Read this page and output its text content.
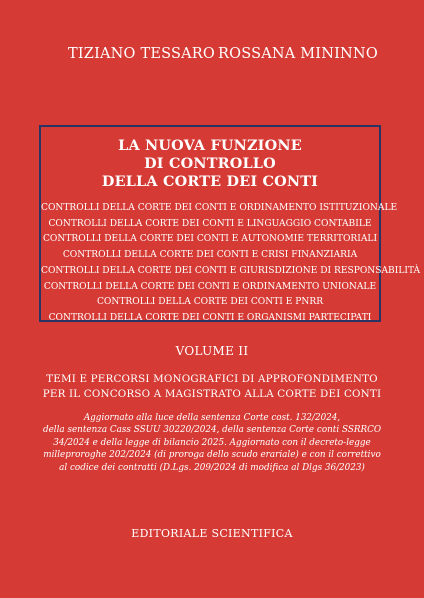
TIZIANO TESSARO ROSSANA MININNO
LA NUOVA FUNZIONE
DI CONTROLLO
DELLA CORTE DEI CONTI
CONTROLLI DELLA CORTE DEI CONTI E ORDINAMENTO ISTITUZIONALE
CONTROLLI DELLA CORTE DEI CONTI E LINGUAGGIO CONTABILE
CONTROLLI DELLA CORTE DEI CONTI E AUTONOMIE TERRITORIALI
CONTROLLI DELLA CORTE DEI CONTI E CRISI FINANZIARIA
CONTROLLI DELLA CORTE DEI CONTI E GIURISDIZIONE DI RESPONSABILITÀ
CONTROLLI DELLA CORTE DEI CONTI E ORDINAMENTO UNIONALE
CONTROLLI DELLA CORTE DEI CONTI E PNRR
CONTROLLI DELLA CORTE DEI CONTI E ORGANISMI PARTECIPATI
VOLUME II
TEMI E PERCORSI MONOGRAFICI DI APPROFONDIMENTO
PER IL CONCORSO A MAGISTRATO ALLA CORTE DEI CONTI
Aggiornato alla luce della sentenza Corte cost. 132/2024,
della sentenza Cass SSUU 30220/2024, della sentenza Corte conti SSRRCO
34/2024 e della legge di bilancio 2025. Aggiornato con il decreto-legge
milleproroghe 202/2024 (di proroga dello scudo erariale) e con il correttivo
al codice dei contratti (D.Lgs. 209/2024 di modifica al Dlgs 36/2023)
EDITORIALE SCIENTIFICA
